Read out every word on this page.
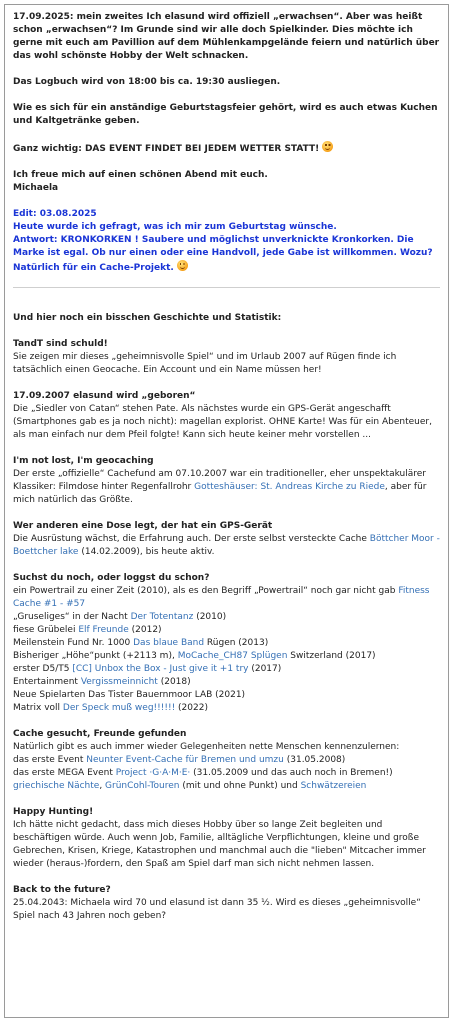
17.09.2025: mein zweites Ich elasund wird offiziell „erwachsen“. Aber was heißt schon „erwachsen“? Im Grunde sind wir alle doch Spielkinder. Dies möchte ich gerne mit euch am Pavillion auf dem Mühlenkampgelände feiern und natürlich über das wohl schönste Hobby der Welt schnacken.

Das Logbuch wird von 18:00 bis ca. 19:30 ausliegen.

Wie es sich für ein anständige Geburtstagsfeier gehört, wird es auch etwas Kuchen und Kaltgetränke geben.

Ganz wichtig: DAS EVENT FINDET BEI JEDEM WETTER STATT!

Ich freue mich auf einen schönen Abend mit euch.

Michaela

Edit: 03.08.2025

Heute wurde ich gefragt, was ich mir zum Geburtstag wünsche.

Antwort: KRONKORKEN ! Saubere und möglichst unverknickte Kronkorken. Die Marke ist egal. Ob nur einen oder eine Handvoll, jede Gabe ist willkommen. Wozu? Natürlich für ein Cache-Projekt.

Und hier noch ein bisschen Geschichte und Statistik:

TandT sind schuld!

Sie zeigen mir dieses „geheimnisvolle Spiel“ und im Urlaub 2007 auf Rügen finde ich tatsächlich einen Geocache. Ein Account und ein Name müssen her!

17.09.2007 elasund wird „geboren“

Die „Siedler von Catan“ stehen Pate. Als nächstes wurde ein GPS-Gerät angeschafft (Smartphones gab es ja noch nicht): magellan explorist. OHNE Karte! Was für ein Abenteuer, als man einfach nur dem Pfeil folgte! Kann sich heute keiner mehr vorstellen ...

I'm not lost, I'm geocaching

Der erste „offizielle“ Cachefund am 07.10.2007 war ein traditioneller, eher unspektakulärer Klassiker: Filmdose hinter Regenfallrohr Gotteshäuser: St. Andreas Kirche zu Riede, aber für mich natürlich das Größte.

Wer anderen eine Dose legt, der hat ein GPS-Gerät

Die Ausrüstung wächst, die Erfahrung auch. Der erste selbst versteckte Cache Böttcher Moor - Boettcher lake (14.02.2009), bis heute aktiv.

Suchst du noch, oder loggst du schon?

ein Powertrail zu einer Zeit (2010), als es den Begriff „Powertrail“ noch gar nicht gab Fitness Cache #1 - #57

„Gruseliges“ in der Nacht Der Totentanz (2010)

fiese Grübelei Elf Freunde (2012)

Meilenstein Fund Nr. 1000 Das blaue Band Rügen (2013)

Bisheriger „Höhe“punkt (+2113 m), MoCache_CH87 Splügen Switzerland (2017)

erster D5/T5 [CC] Unbox the Box - Just give it +1 try (2017)

Entertainment Vergissmeinnicht (2018)

Neue Spielarten Das Tister Bauernmoor LAB (2021)

Matrix voll Der Speck muß weg!!!!!! (2022)

Cache gesucht, Freunde gefunden

Natürlich gibt es auch immer wieder Gelegenheiten nette Menschen kennenzulernen:

das erste Event Neunter Event-Cache für Bremen und umzu (31.05.2008)

das erste MEGA Event Project ·G·A·M·E· (31.05.2009 und das auch noch in Bremen!)

griechische Nächte, GrünCohl-Touren (mit und ohne Punkt) und Schwätzereien

Happy Hunting!

Ich hätte nicht gedacht, dass mich dieses Hobby über so lange Zeit begleiten und beschäftigen würde. Auch wenn Job, Familie, alltägliche Verpflichtungen, kleine und große Gebrechen, Krisen, Kriege, Katastrophen und manchmal auch die "lieben" Mitcacher immer wieder (heraus-)fordern, den Spaß am Spiel darf man sich nicht nehmen lassen.

Back to the future?

25.04.2043: Michaela wird 70 und elasund ist dann 35 ½. Wird es dieses „geheimnisvolle“ Spiel nach 43 Jahren noch geben?
